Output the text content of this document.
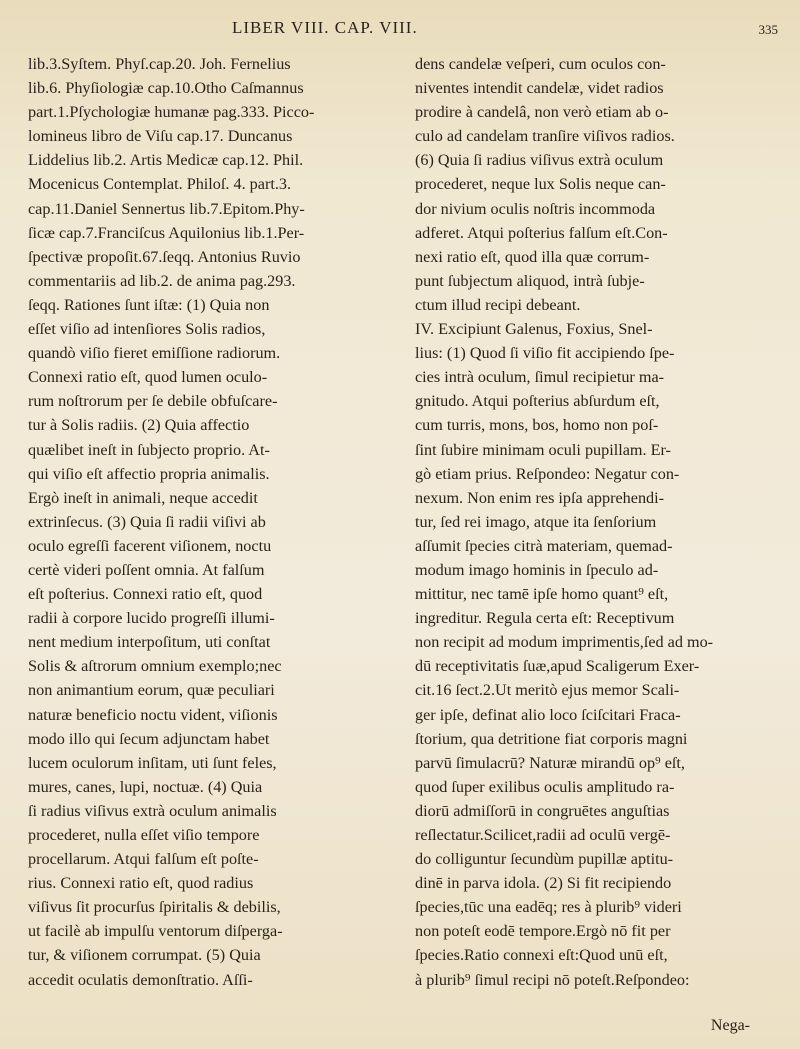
LIBER VIII. CAP. VIII.	335
lib.3.Syſtem. Phyſ.cap.20. Joh. Fernelius
lib.6. Phyſiologiæ cap.10.Otho Caſmannus
part.1.Pſychologiæ humanæ pag.333. Picco-
lomineus libro de Viſu cap.17. Duncanus
Liddelius lib.2. Artis Medicæ cap.12. Phil.
Mocenicus Contemplat. Philoſ. 4. part.3.
cap.11.Daniel Sennertus lib.7.Epitom.Phy-
ſicæ cap.7.Franciſcus Aquilonius lib.1.Per-
ſpectivæ propoſit.67.ſeqq. Antonius Ruvio
commentariis ad lib.2. de anima pag.293.
ſeqq. Rationes ſunt iſtæ: (1) Quia non
eſſet viſio ad intenſiores Solis radios,
quandò viſio fieret emiſſione radiorum.
Connexi ratio eſt, quod lumen oculo-
rum noſtrorum per ſe debile obfuſcare-
tur à Solis radiis. (2) Quia affectio
quælibet ineſt in ſubjecto proprio. At-
qui viſio eſt affectio propria animalis.
Ergò ineſt in animali, neque accedit
extrinſecus. (3) Quia ſi radii viſivi ab
oculo egreſſi facerent viſionem, noctu
certè videri poſſent omnia. At falſum
eſt poſterius. Connexi ratio eſt, quod
radii à corpore lucido progreſſi illumi-
nent medium interpoſitum, uti conſtat
Solis & aſtrorum omnium exemplo;nec
non animantium eorum, quæ peculiari
naturæ beneficio noctu vident, viſionis
modo illo qui ſecum adjunctam habet
lucem oculorum inſitam, uti ſunt feles,
mures, canes, lupi, noctuæ. (4) Quia
ſi radius viſivus extrà oculum animalis
procederet, nulla eſſet viſio tempore
procellarum. Atqui falſum eſt poſte-
rius. Connexi ratio eſt, quod radius
viſivus ſit procurſus ſpiritalis & debilis,
ut facilè ab impulſu ventorum diſperga-
tur, & viſionem corrumpat. (5) Quia
accedit oculatis demonſtratio. Aſſi-
dens candelæ veſperi, cum oculos con-
niventes intendit candelæ, videt radios
prodire à candelâ, non verò etiam ab o-
culo ad candelam tranſire viſivos radios.
(6) Quia ſi radius viſivus extrà oculum
procederet, neque lux Solis neque can-
dor nivium oculis noſtris incommoda
adferet. Atqui poſterius falſum eſt.Con-
nexi ratio eſt, quod illa quæ corrum-
punt ſubjectum aliquod, intrà ſubje-
ctum illud recipi debeant.
IV. Excipiunt Galenus, Foxius, Snel-
lius: (1) Quod ſi viſio fit accipiendo ſpe-
cies intrà oculum, ſimul recipietur ma-
gnitudo. Atqui poſterius abſurdum eſt,
cum turris, mons, bos, homo non poſ-
ſint ſubire minimam oculi pupillam. Er-
gò etiam prius. Reſpondeo: Negatur con-
nexum. Non enim res ipſa apprehendi-
tur, ſed rei imago, atque ita ſenſorium
aſſumit ſpecies citrà materiam, quemad-
modum imago hominis in ſpeculo ad-
mittitur, nec tamē ipſe homo quant⁹ eſt,
ingreditur. Regula certa eſt: Receptivum
non recipit ad modum imprimentis,ſed ad mo-
dū receptivitatis ſuæ,apud Scaligerum Exer-
cit.16 ſect.2.Ut meritò ejus memor Scali-
ger ipſe, definat alio loco ſciſcitari Fraca-
ſtorium, qua detritione fiat corporis magni
parvū ſimulacrū? Naturæ mirandū op⁹ eſt,
quod ſuper exilibus oculis amplitudo ra-
diorū admiſſorū in congruētes anguſtias
reſlectatur.Scilicet,radii ad oculū vergē-
do colliguntur ſecundùm pupillæ aptitu-
dinē in parva idola. (2) Si fit recipiendo
ſpecies,tūc una eadēq; res à plurib⁹ videri
non poteſt eodē tempore.Ergò nō fit per
ſpecies.Ratio connexi eſt:Quod unū eſt,
à plurib⁹ ſimul recipi nō poteſt.Reſpondeo:
Nega-
